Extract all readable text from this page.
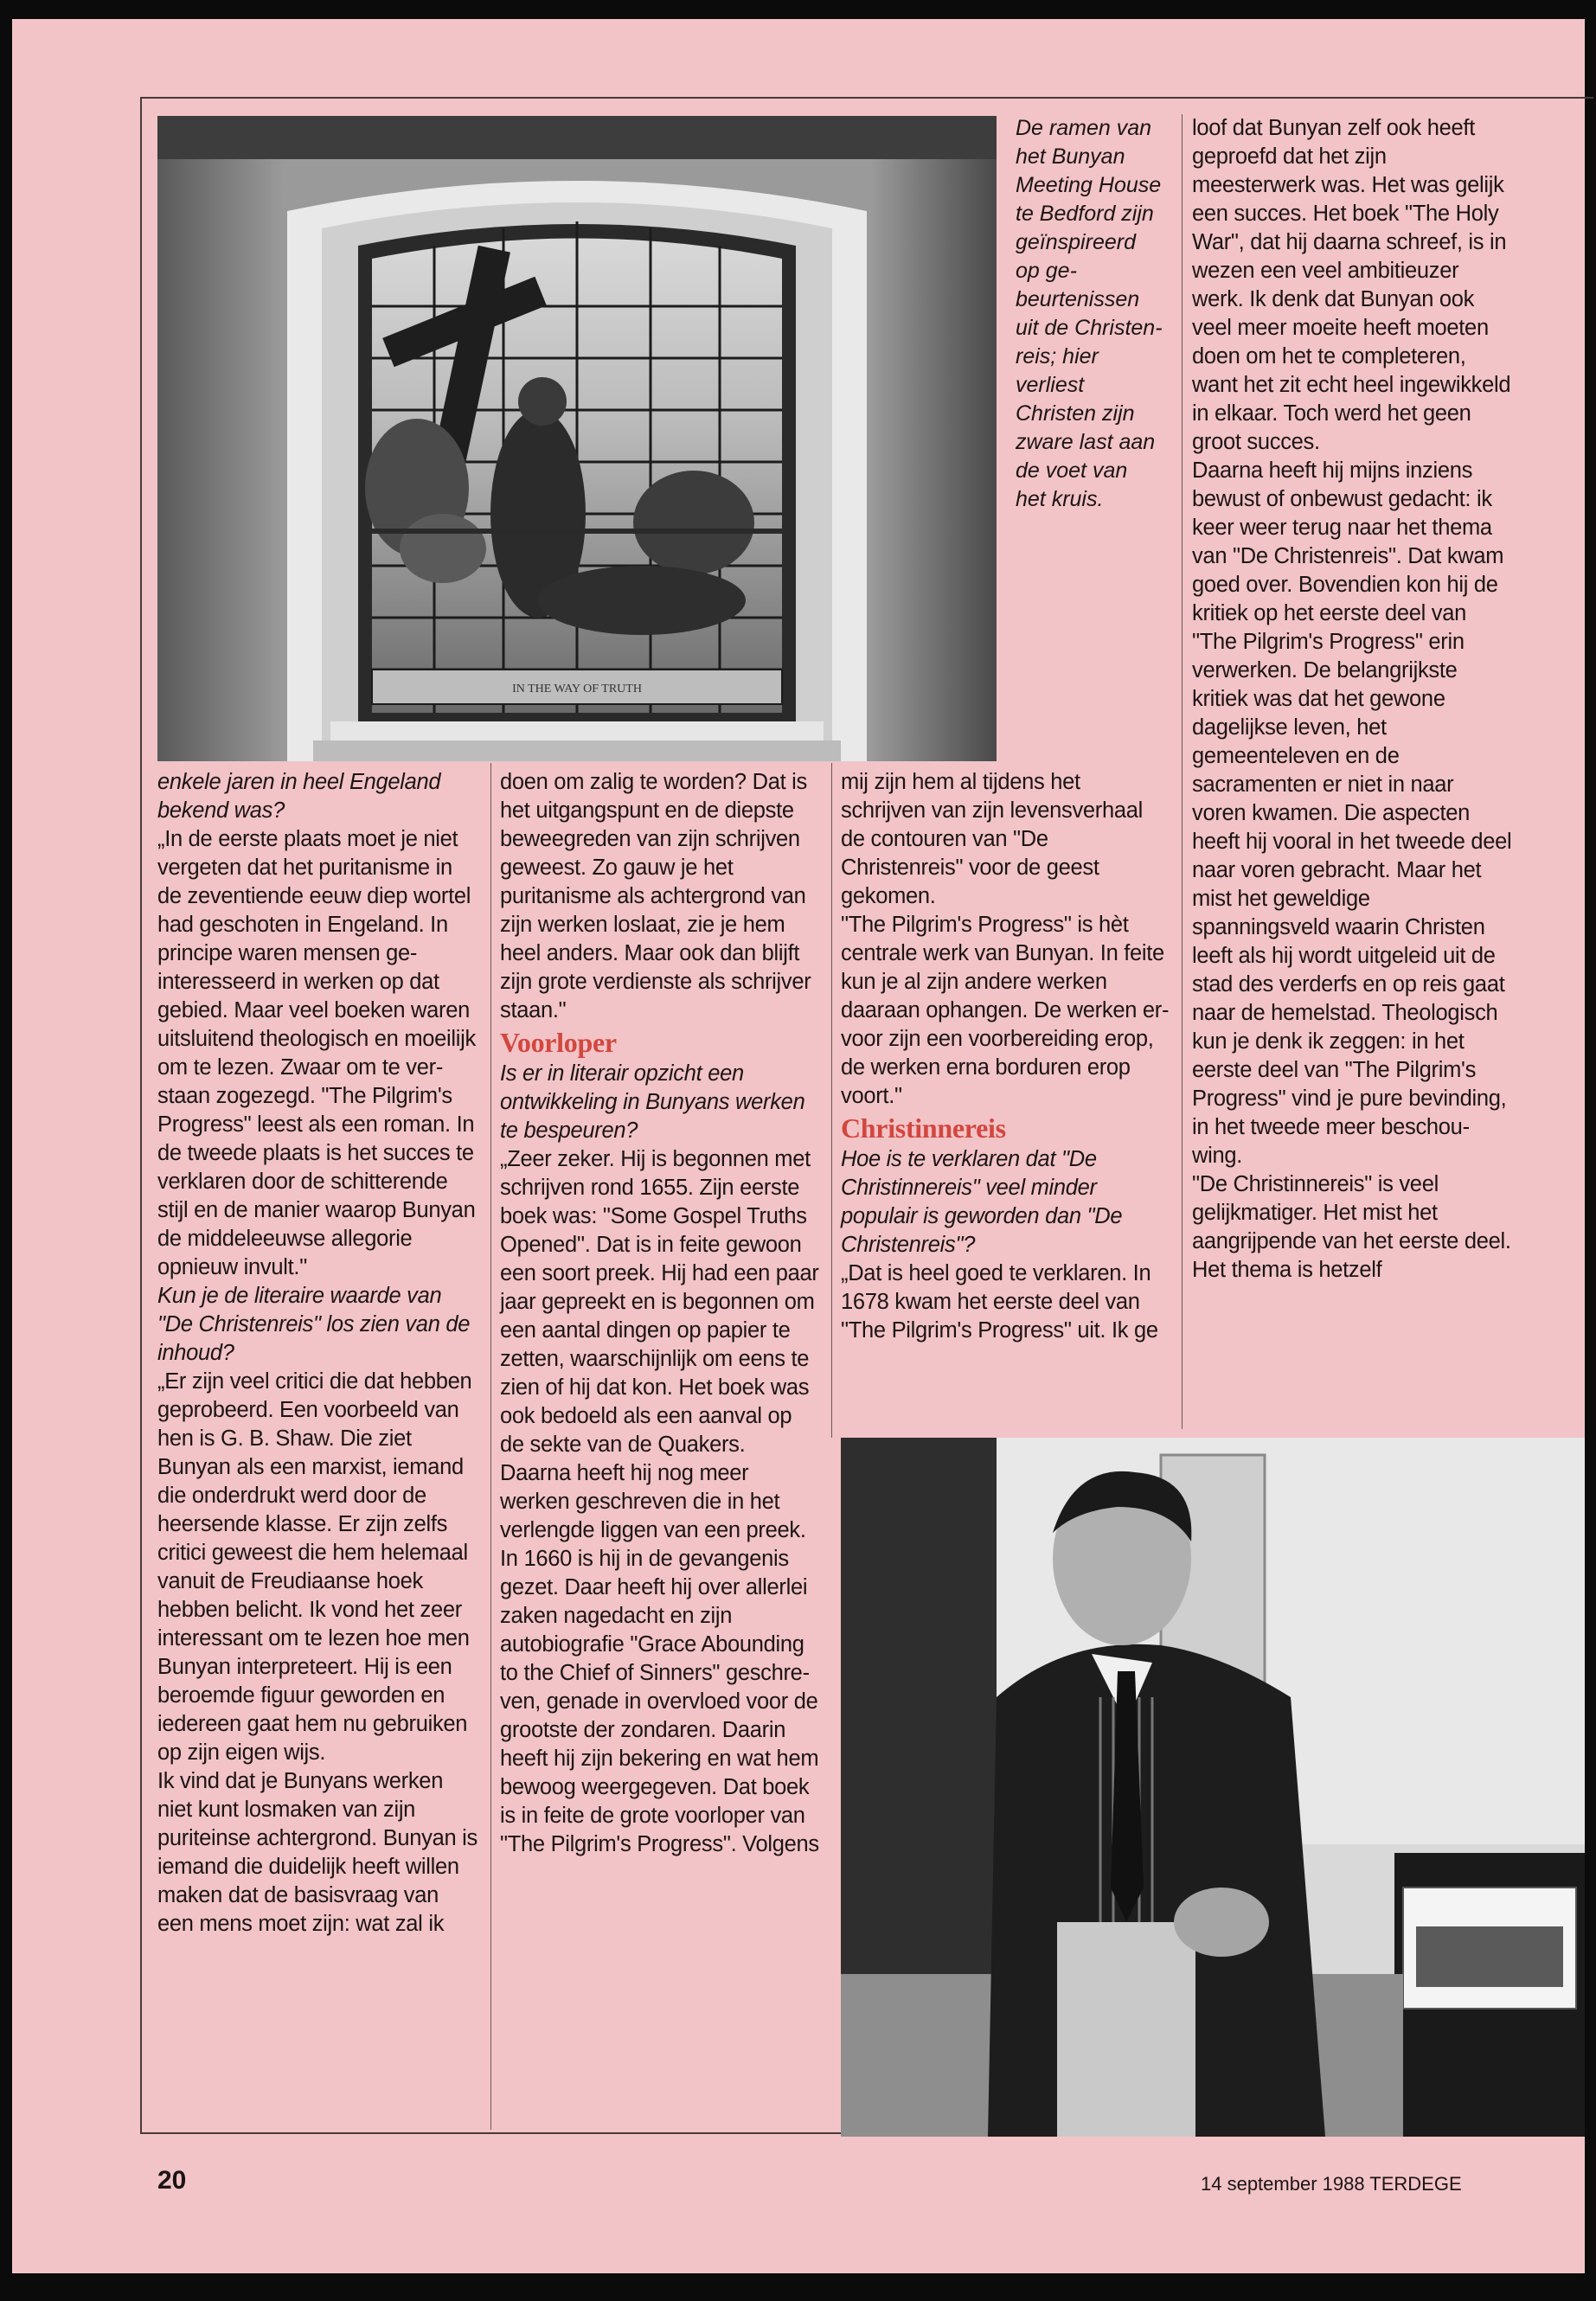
IN THE WAY OF TRUTH
De ramen van het Bunyan Meeting House te Bedford zijn geïnspireerd op gebeurtenissen uit de Christenreis; hier verliest Christen zijn zware last aan de voet van het kruis.

enkele jaren in heel Engeland bekend was?

„In de eerste plaats moet je niet vergeten dat het puritanisme in de zeventiende eeuw diep wortel had geschoten in Engeland. In principe waren mensen geinteresseerd in werken op dat gebied. Maar veel boeken waren uitsluitend theologisch en moeilijk om te lezen. Zwaar om te verstaan zogezegd. "The Pilgrim's Progress" leest als een roman. In de tweede plaats is het succes te verklaren door de schitterende stijl en de manier waarop Bunyan de middeleeuwse allegorie opnieuw invult."

Kun je de literaire waarde van "De Christenreis" los zien van de inhoud?

„Er zijn veel critici die dat hebben geprobeerd. Een voorbeeld van hen is G. B. Shaw. Die ziet Bunyan als een marxist, iemand die onderdrukt werd door de heersende klasse. Er zijn zelfs critici geweest die hem helemaal vanuit de Freudiaanse hoek hebben belicht. Ik vond het zeer interessant om te lezen hoe men Bunyan interpreteert. Hij is een beroemde figuur geworden en iedereen gaat hem nu gebruiken op zijn eigen wijs.

Ik vind dat je Bunyans werken niet kunt losmaken van zijn puriteinse achtergrond. Bunyan is iemand die duidelijk heeft willen maken dat de basisvraag van een mens moet zijn: wat zal ik

doen om zalig te worden? Dat is het uitgangspunt en de diepste beweegreden van zijn schrijven geweest. Zo gauw je het puritanisme als achtergrond van zijn werken loslaat, zie je hem heel anders. Maar ook dan blijft zijn grote verdienste als schrijver staan."

Voorloper

Is er in literair opzicht een ontwikkeling in Bunyans werken te bespeuren?

„Zeer zeker. Hij is begonnen met schrijven rond 1655. Zijn eerste boek was: "Some Gospel Truths Opened". Dat is in feite gewoon een soort preek. Hij had een paar jaar gepreekt en is begonnen om een aantal dingen op papier te zetten, waarschijnlijk om eens te zien of hij dat kon. Het boek was ook bedoeld als een aanval op de sekte van de Quakers. Daarna heeft hij nog meer werken geschreven die in het verlengde liggen van een preek.

In 1660 is hij in de gevangenis gezet. Daar heeft hij over allerlei zaken nagedacht en zijn autobiografie "Grace Abounding to the Chief of Sinners" geschreven, genade in overvloed voor de grootste der zondaren. Daarin heeft hij zijn bekering en wat hem bewoog weergegeven. Dat boek is in feite de grote voorloper van "The Pilgrim's Progress". Volgens

mij zijn hem al tijdens het schrijven van zijn levensverhaal de contouren van "De Christenreis" voor de geest gekomen.

"The Pilgrim's Progress" is hèt centrale werk van Bunyan. In feite kun je al zijn andere werken daaraan ophangen. De werken ervoor zijn een voorbereiding erop, de werken erna borduren erop voort."

Christinnereis

Hoe is te verklaren dat "De Christinnereis" veel minder populair is geworden dan "De Christenreis"?

„Dat is heel goed te verklaren. In 1678 kwam het eerste deel van "The Pilgrim's Progress" uit. Ik ge

loof dat Bunyan zelf ook heeft geproefd dat het zijn meesterwerk was. Het was gelijk een succes. Het boek "The Holy War", dat hij daarna schreef, is in wezen een veel ambitieuzer werk. Ik denk dat Bunyan ook veel meer moeite heeft moeten doen om het te completeren, want het zit echt heel ingewikkeld in elkaar. Toch werd het geen groot succes.

Daarna heeft hij mijns inziens bewust of onbewust gedacht: ik keer weer terug naar het thema van "De Christenreis". Dat kwam goed over. Bovendien kon hij de kritiek op het eerste deel van "The Pilgrim's Progress" erin verwerken. De belangrijkste kritiek was dat het gewone dagelijkse leven, het gemeenteleven en de sacramenten er niet in naar voren kwamen. Die aspecten heeft hij vooral in het tweede deel naar voren gebracht. Maar het mist het geweldige spanningsveld waarin Christen leeft als hij wordt uitgeleid uit de stad des verderfs en op reis gaat naar de hemelstad. Theologisch kun je denk ik zeggen: in het eerste deel van "The Pilgrim's Progress" vind je pure bevinding, in het tweede meer beschouwing.

"De Christinnereis" is veel gelijkmatiger. Het mist het aangrijpende van het eerste deel. Het thema is hetzelf

20	14 september 1988 TERDEGE
